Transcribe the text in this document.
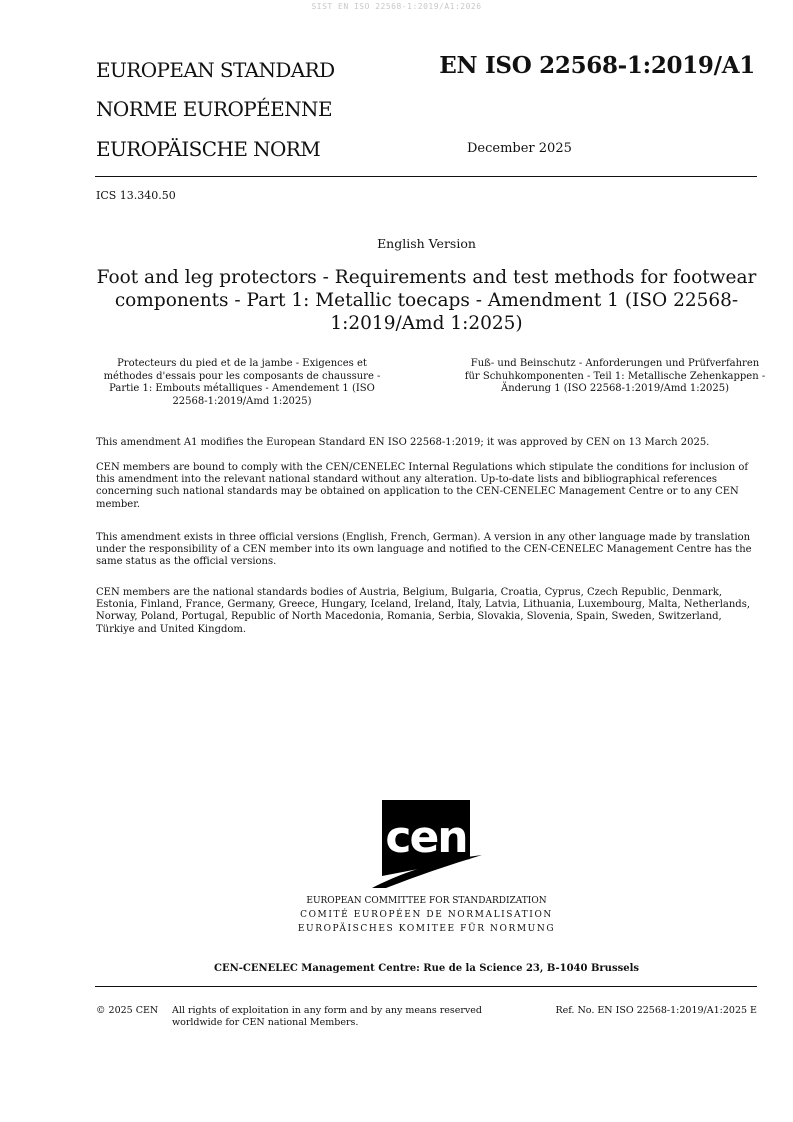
SIST EN ISO 22568-1:2019/A1:2026
EUROPEAN STANDARD
NORME EUROPÉENNE
EUROPÄISCHE NORM
EN ISO 22568-1:2019/A1
December 2025
ICS 13.340.50
English Version
Foot and leg protectors - Requirements and test methods for footwear components - Part 1: Metallic toecaps - Amendment 1 (ISO 22568-1:2019/Amd 1:2025)
Protecteurs du pied et de la jambe - Exigences et méthodes d'essais pour les composants de chaussure - Partie 1: Embouts métalliques - Amendement 1 (ISO 22568-1:2019/Amd 1:2025)
Fuß- und Beinschutz - Anforderungen und Prüfverfahren für Schuhkomponenten - Teil 1: Metallische Zehenkappen - Änderung 1 (ISO 22568-1:2019/Amd 1:2025)
This amendment A1 modifies the European Standard EN ISO 22568-1:2019; it was approved by CEN on 13 March 2025.
CEN members are bound to comply with the CEN/CENELEC Internal Regulations which stipulate the conditions for inclusion of this amendment into the relevant national standard without any alteration. Up-to-date lists and bibliographical references concerning such national standards may be obtained on application to the CEN-CENELEC Management Centre or to any CEN member.
This amendment exists in three official versions (English, French, German). A version in any other language made by translation under the responsibility of a CEN member into its own language and notified to the CEN-CENELEC Management Centre has the same status as the official versions.
CEN members are the national standards bodies of Austria, Belgium, Bulgaria, Croatia, Cyprus, Czech Republic, Denmark, Estonia, Finland, France, Germany, Greece, Hungary, Iceland, Ireland, Italy, Latvia, Lithuania, Luxembourg, Malta, Netherlands, Norway, Poland, Portugal, Republic of North Macedonia, Romania, Serbia, Slovakia, Slovenia, Spain, Sweden, Switzerland, Türkiye and United Kingdom.
cen
EUROPEAN COMMITTEE FOR STANDARDIZATION
COMITÉ EUROPÉEN DE NORMALISATION
EUROPÄISCHES KOMITEE FÜR NORMUNG
CEN-CENELEC Management Centre: Rue de la Science 23, B-1040 Brussels
© 2025 CEN All rights of exploitation in any form and by any means reserved worldwide for CEN national Members.
Ref. No. EN ISO 22568-1:2019/A1:2025 E
